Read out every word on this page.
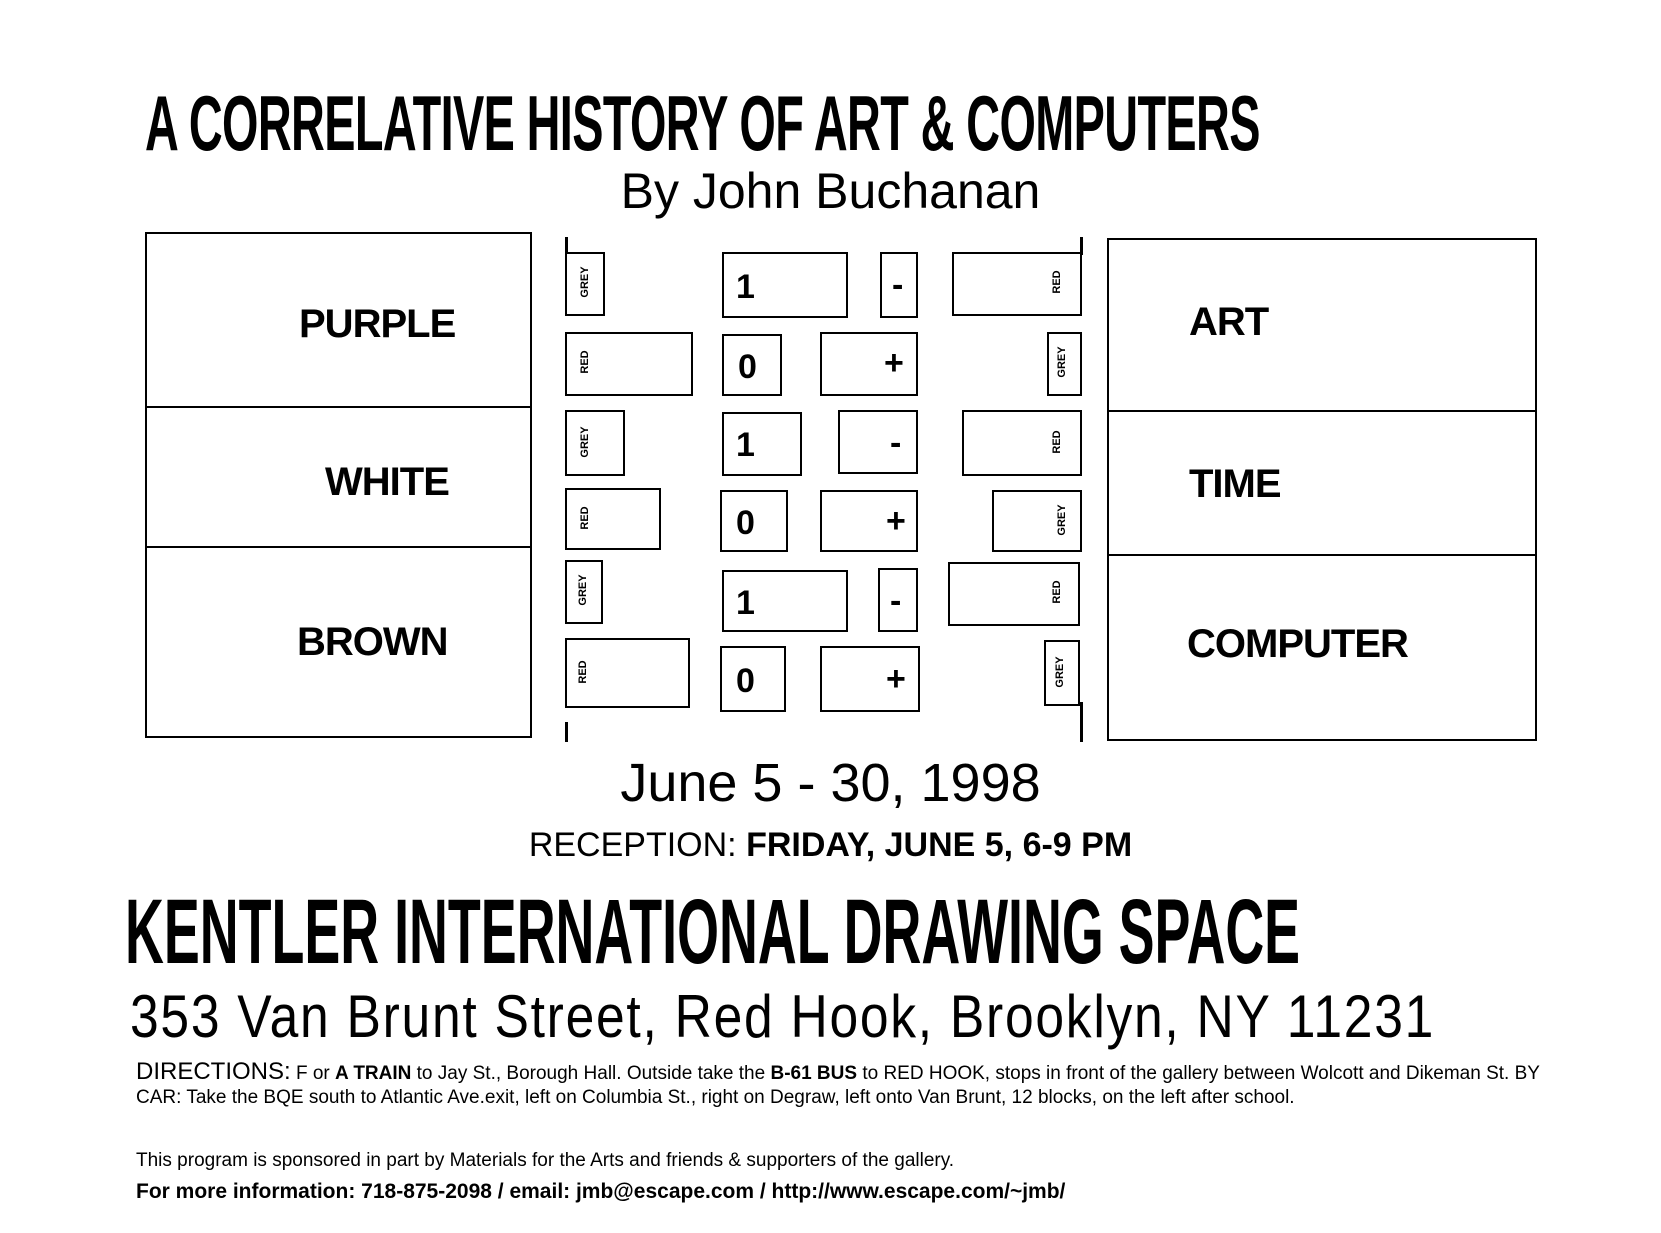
A CORRELATIVE HISTORY OF ART & COMPUTERS
By John Buchanan
PURPLE
WHITE
BROWN
ART
TIME
COMPUTER
GREY
RED
GREY
RED
GREY
RED
RED
GREY
RED
GREY
RED
GREY
1
0
1
0
1
0
-
+
-
+
-
+
June 5 - 30, 1998
RECEPTION: FRIDAY, JUNE 5, 6-9 PM
KENTLER INTERNATIONAL DRAWING SPACE
353 Van Brunt Street, Red Hook, Brooklyn, NY 11231
DIRECTIONS: F or A TRAIN to Jay St., Borough Hall. Outside take the B-61 BUS to RED HOOK, stops in front of the gallery between Wolcott and Dikeman St. BY CAR: Take the BQE south to Atlantic Ave.exit, left on Columbia St., right on Degraw, left onto Van Brunt, 12 blocks, on the left after school.
This program is sponsored in part by Materials for the Arts and friends & supporters of the gallery.
For more information: 718-875-2098 / email: jmb@escape.com / http://www.escape.com/~jmb/
